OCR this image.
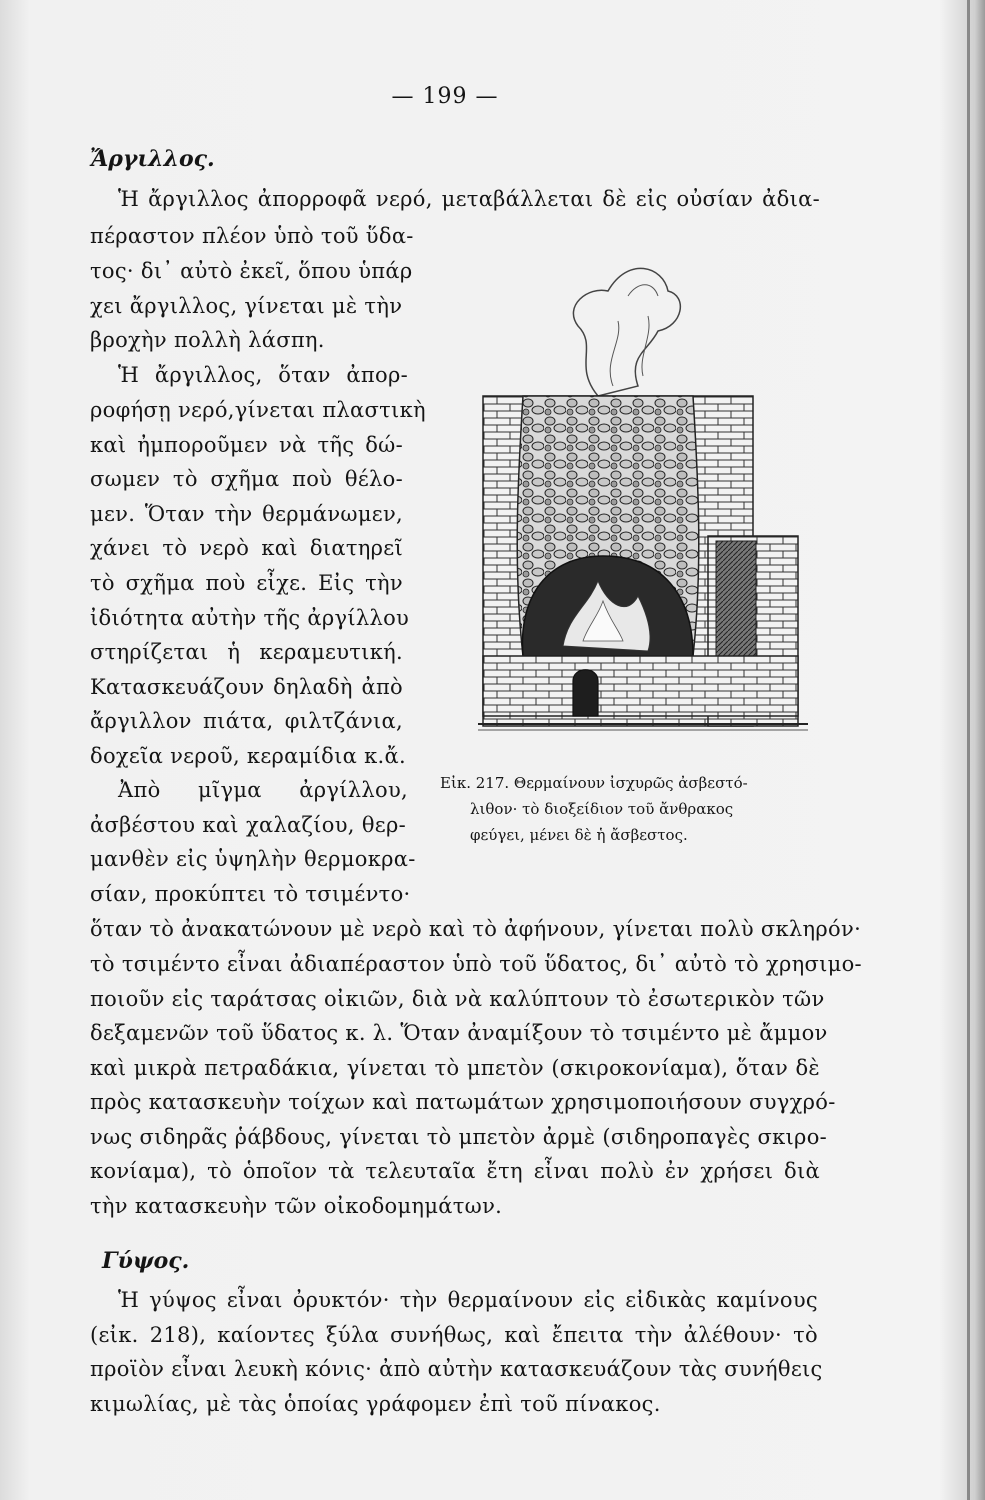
— 199 —
Ἄργιλλος.
Ἡ ἄργιλλος ἀπορροφᾶ νερό, μεταβάλλεται δὲ εἰς οὐσίαν ἀδια-
πέραστον πλέον ὑπὸ τοῦ ὕδα-
τος· δι᾽ αὐτὸ ἐκεῖ, ὅπου ὑπάρ
χει ἄργιλλος, γίνεται μὲ τὴν
βροχὴν πολλὴ λάσπη.
Ἡ ἄργιλλος, ὅταν ἀπορ-
ροφήσῃ νερό,γίνεται πλαστικὴ
καὶ ἠμποροῦμεν νὰ τῆς δώ-
σωμεν τὸ σχῆμα ποὺ θέλο-
μεν. Ὅταν τὴν θερμάνωμεν,
χάνει τὸ νερὸ καὶ διατηρεῖ
τὸ σχῆμα ποὺ εἶχε. Εἰς τὴν
ἰδιότητα αὐτὴν τῆς ἀργίλλου
στηρίζεται ἡ κεραμευτική.
Κατασκευάζουν δηλαδὴ ἀπὸ
ἄργιλλον πιάτα, φιλτζάνια,
δοχεῖα νεροῦ, κεραμίδια κ.ἄ.
Ἀπὸ μῖγμα ἀργίλλου,
ἀσβέστου καὶ χαλαζίου, θερ-
μανθὲν εἰς ὑψηλὴν θερμοκρα-
σίαν, προκύπτει τὸ τσιμέντο·
ὅταν τὸ ἀνακατώνουν μὲ νερὸ καὶ τὸ ἀφήνουν, γίνεται πολὺ σκληρόν·
τὸ τσιμέντο εἶναι ἀδιαπέραστον ὑπὸ τοῦ ὕδατος, δι᾽ αὐτὸ τὸ χρησιμο-
ποιοῦν εἰς ταράτσας οἰκιῶν, διὰ νὰ καλύπτουν τὸ ἐσωτερικὸν τῶν
δεξαμενῶν τοῦ ὕδατος κ. λ. Ὅταν ἀναμίξουν τὸ τσιμέντο μὲ ἄμμον
καὶ μικρὰ πετραδάκια, γίνεται τὸ μπετὸν (σκιροκονίαμα), ὅταν δὲ
πρὸς κατασκευὴν τοίχων καὶ πατωμάτων χρησιμοποιήσουν συγχρό-
νως σιδηρᾶς ῥάβδους, γίνεται τὸ μπετὸν ἀρμὲ (σιδηροπαγὲς σκιρο-
κονίαμα), τὸ ὁποῖον τὰ τελευταῖα ἔτη εἶναι πολὺ ἐν χρήσει διὰ
τὴν κατασκευὴν τῶν οἰκοδομημάτων.
Γύψος.
Ἡ γύψος εἶναι ὀρυκτόν· τὴν θερμαίνουν εἰς εἰδικὰς καμίνους
(εἰκ. 218), καίοντες ξύλα συνήθως, καὶ ἔπειτα τὴν ἀλέθουν· τὸ
προϊὸν εἶναι λευκὴ κόνις· ἀπὸ αὐτὴν κατασκευάζουν τὰς συνήθεις
κιμωλίας, μὲ τὰς ὁποίας γράφομεν ἐπὶ τοῦ πίνακος.
Εἰκ. 217. Θερμαίνουν ἰσχυρῶς ἀσβεστό-
λιθον· τὸ διοξείδιον τοῦ ἄνθρακος
φεύγει, μένει δὲ ἡ ἄσβεστος.
